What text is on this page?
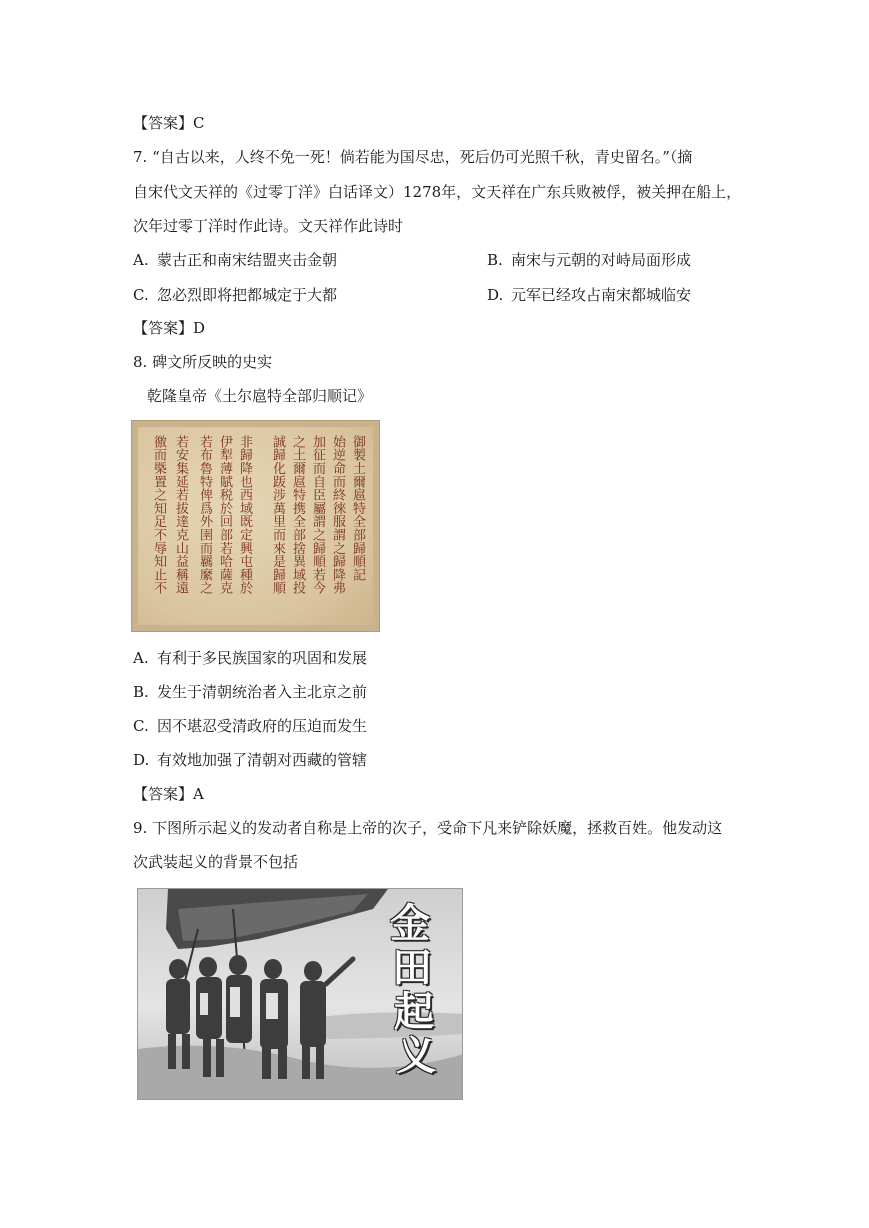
【答案】C
7. “自古以来，人终不免一死！倘若能为国尽忠，死后仍可光照千秋，青史留名。”（摘
自宋代文天祥的《过零丁洋》白话译文）1278年，文天祥在广东兵败被俘，被关押在船上，
次年过零丁洋时作此诗。文天祥作此诗时
A. 蒙古正和南宋结盟夹击金朝	B. 南宋与元朝的对峙局面形成
C. 忽必烈即将把都城定于大都	D. 元军已经攻占南宋都城临安
【答案】D
8. 碑文所反映的史实
乾隆皇帝《土尔扈特全部归顺记》
御製土爾扈特全部歸順記
始逆命而終徠服謂之歸降弗
加征而自臣屬謂之歸順若今
之土爾扈特携全部捨異域投
誠歸化䟦涉萬里而來是歸順
非歸降也西域既定興屯種於
伊犁薄賦税於回部若哈薩克
若布魯特俾爲外圉而羈縻之
若安集延若拔達克山益稱遠
徼而槩置之知足不辱知止不
A. 有利于多民族国家的巩固和发展
B. 发生于清朝统治者入主北京之前
C. 因不堪忍受清政府的压迫而发生
D. 有效地加强了清朝对西藏的管辖
【答案】A
9. 下图所示起义的发动者自称是上帝的次子，受命下凡来铲除妖魔，拯救百姓。他发动这
次武装起义的背景不包括
金
田
起
义
